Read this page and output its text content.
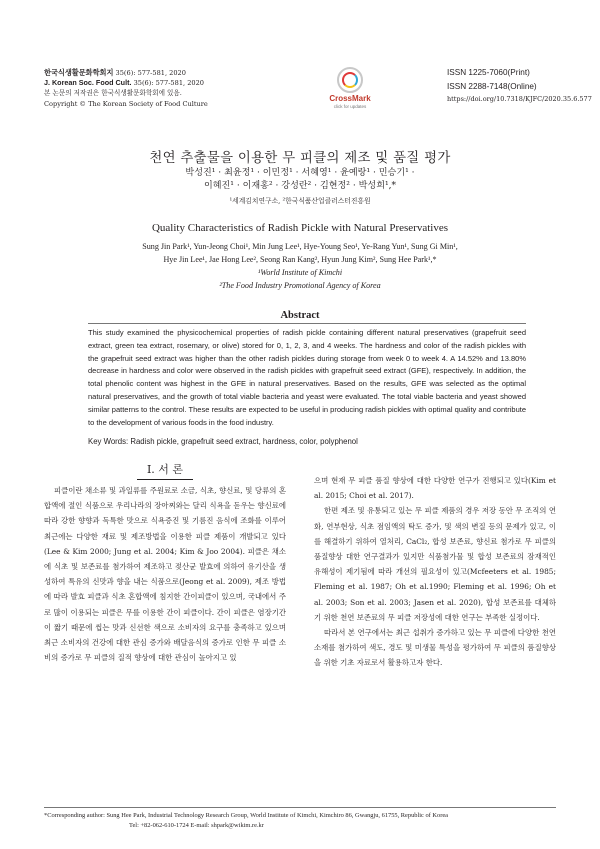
한국식생활문화학회지 35(6): 577-581, 2020
J. Korean Soc. Food Cult. 35(6): 577-581, 2020
본 논문의 저작권은 한국식생활문화학회에 있음.
Copyright © The Korean Society of Food Culture
CrossMark
click for updates
ISSN 1225-7060(Print)
ISSN 2288-7148(Online)
https://doi.org/10.7318/KJFC/2020.35.6.577
천연 추출물을 이용한 무 피클의 제조 및 품질 평가
박성진¹ · 최윤정¹ · 이민정¹ · 서혜영¹ · 윤예랑¹ · 민승기¹ ·
이혜진¹ · 이재홍² · 강성란² · 김현정² · 박성희¹,*
¹세계김치연구소, ²한국식품산업클러스터진흥원
Quality Characteristics of Radish Pickle with Natural Preservatives
Sung Jin Park¹, Yun-Jeong Choi¹, Min Jung Lee¹, Hye-Young Seo¹, Ye-Rang Yun¹, Sung Gi Min¹,
Hye Jin Lee¹, Jae Hong Lee², Seong Ran Kang², Hyun Jung Kim², Sung Hee Park¹,*
¹World Institute of Kimchi
²The Food Industry Promotional Agency of Korea
Abstract
This study examined the physicochemical properties of radish pickle containing different natural preservatives (grapefruit seed extract, green tea extract, rosemary, or olive) stored for 0, 1, 2, 3, and 4 weeks. The hardness and color of the radish pickles with the grapefruit seed extract was higher than the other radish pickles during storage from week 0 to week 4. A 14.52% and 13.80% decrease in hardness and color were observed in the radish pickles with grapefruit seed extract (GFE), respectively. In addition, the total phenolic content was highest in the GFE in natural preservatives. Based on the results, GFE was selected as the optimal natural preservatives, and the growth of total viable bacteria and yeast were evaluated. The total viable bacteria and yeast showed similar patterns to the control. These results are expected to be useful in producing radish pickles with optimal quality and contribute to the development of various foods in the food industry.
Key Words: Radish pickle, grapefruit seed extract, hardness, color, polyphenol
Ⅰ. 서 론

피클이란 채소류 및 과일류를 주원료로 소금, 식초, 향신료, 및 당류의 혼합액에 절인 식품으로 우리나라의 장아찌와는 달리 식욕을 돋우는 향신료에 따라 강한 향향과 독특한 맛으로 식욕증진 및 기름진 음식에 조화를 이루어 최근에는 다양한 재료 및 제조방법을 이용한 피클 제품이 개발되고 있다(Lee & Kim 2000; Jung et al. 2004; Kim & Joo 2004). 피클은 채소에 식초 및 보존료를 첨가하여 제조하고 젖산균 발효에 의하여 유기산을 생성하여 특유의 신맛과 향을 내는 식품으로(Jeong et al. 2009), 제조 방법에 따라 발효 피클과 식초 혼합액에 침지한 간이피클이 있으며, 국내에서 주로 많이 이용되는 피클은 무를 이용한 간이 피클이다. 간이 피클은 염장기간이 짧기 때문에 씹는 맛과 신선한 색으로 소비자의 요구를 충족하고 있으며 최근 소비자의 건강에 대한 관심 증가와 배달음식의 증가로 인한 무 피클 소비의 증가로 무 피클의 질적 향상에 대한 관심이 높아지고 있

으며 현재 무 피클 품질 향상에 대한 다양한 연구가 진행되고 있다(Kim et al. 2015; Choi et al. 2017).

한편 제조 및 유통되고 있는 무 피클 제품의 경우 저장 동안 무 조직의 연화, 연부현상, 식초 점임액의 탁도 증가, 및 색의 변질 등의 문제가 있고, 이를 해결하기 위하여 열처리, CaCl₂, 합성 보존료, 향신료 첨가로 무 피클의 품질향상 대한 연구결과가 있지만 식품첨가물 및 합성 보존료의 잠재적인 유해성이 제기됨에 따라 개선의 필요성이 있고(Mcfeeters et al. 1985; Fleming et al. 1987; Oh et al.1990; Fleming et al. 1996; Oh et al. 2003; Son et al. 2003; Jasen et al. 2020), 합성 보존료를 대체하기 위한 천연 보존료의 무 피클 저장성에 대한 연구는 부족한 실정이다.

따라서 본 연구에서는 최근 섭취가 증가하고 있는 무 피클에 다양한 천연소재를 첨가하여 색도, 경도 및 미생물 특성을 평가하여 무 피클의 품질향상을 위한 기초 자료로서 활용하고자 한다.

*Corresponding author: Sung Hee Park, Industrial Technology Research Group, World Institute of Kimchi, Kimchiro 86, Gwangju, 61755, Republic of Korea
Tel: +82-062-610-1724 E-mail: shpark@wikim.re.kr
